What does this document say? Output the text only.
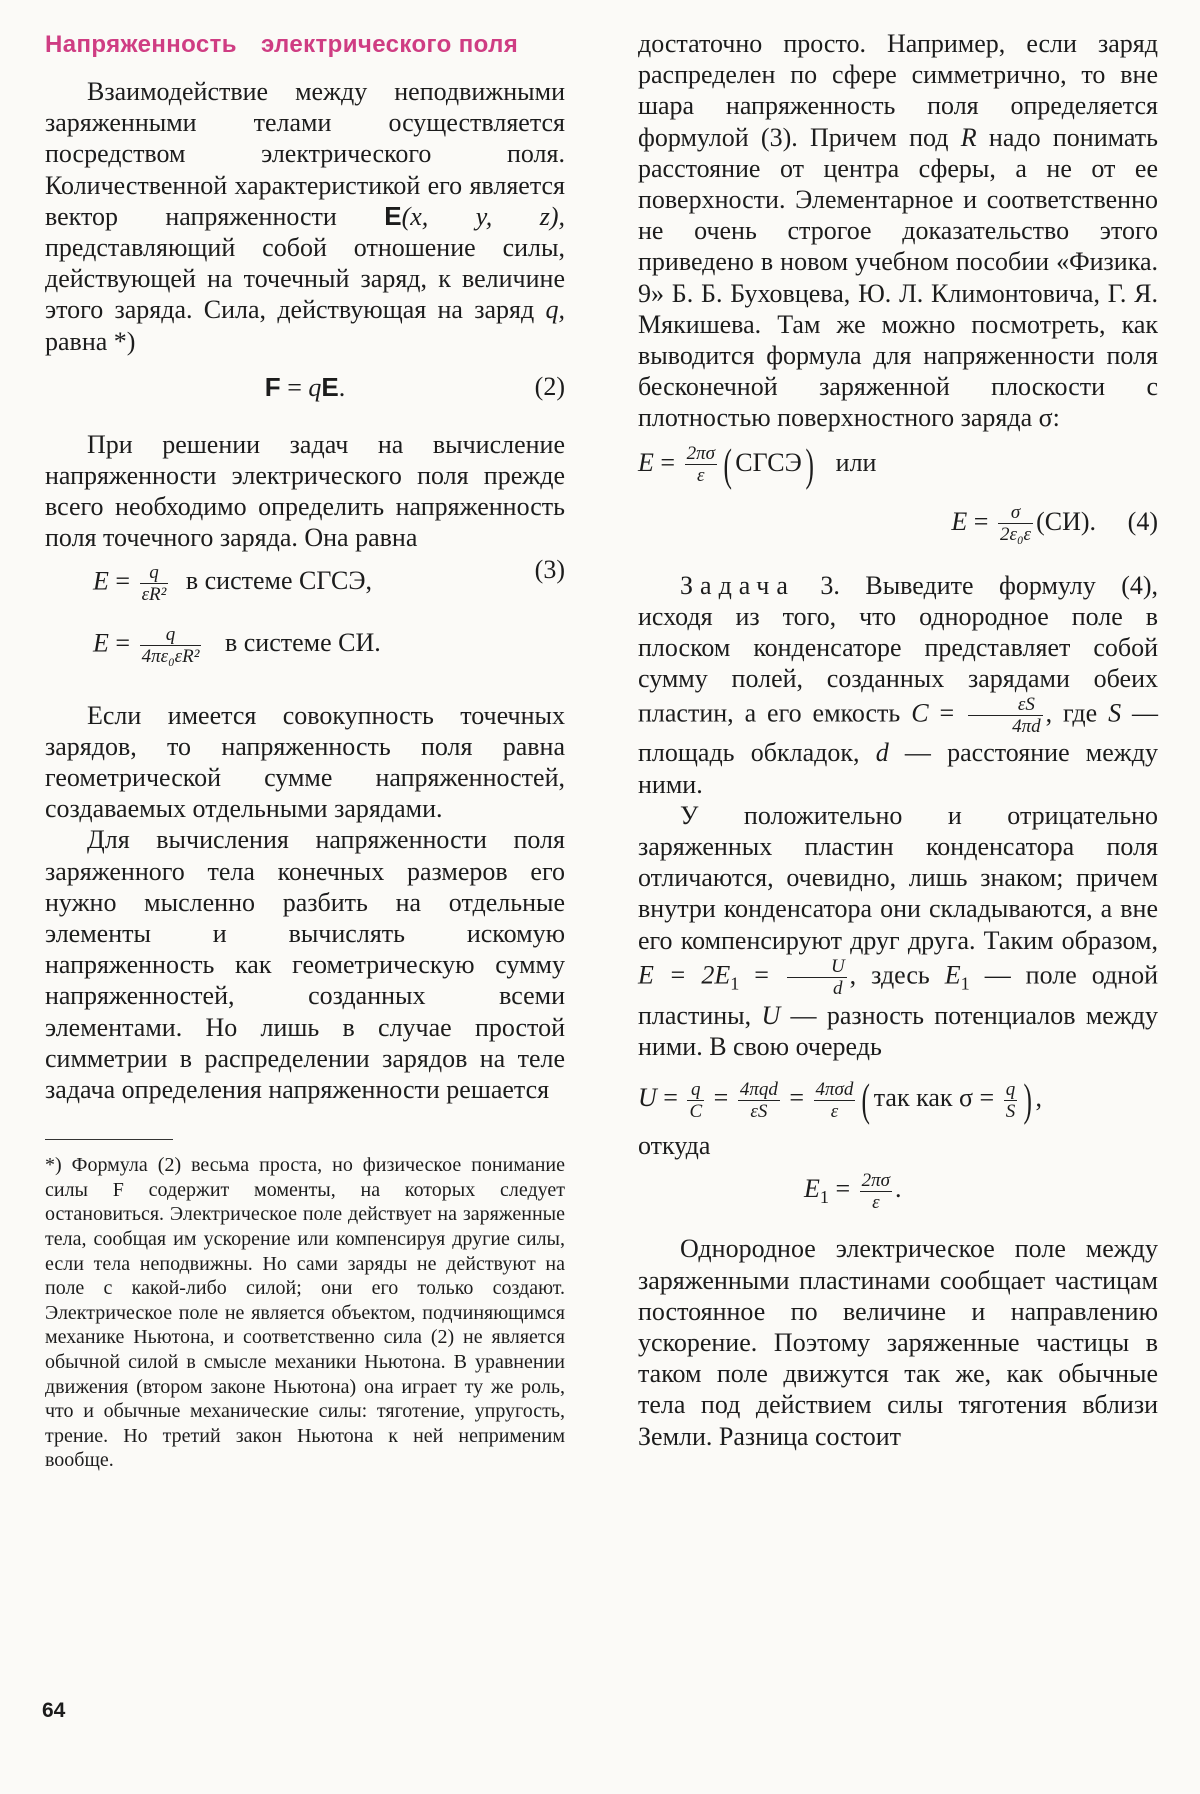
Напряженность электрического поля

Взаимодействие между неподвижными заряженными телами осуществляется посредством электрического поля. Количественной характеристикой его является вектор напряженности E(x, y, z), представляющий собой отношение силы, действующей на точечный заряд, к величине этого заряда. Сила, действующая на заряд q, равна *)

F = qE.	(2)

При решении задач на вычисление напряженности электрического поля прежде всего необходимо определить напряженность поля точечного заряда. Она равна

$E = \frac{q}{\text{εR²}}$ в системе СГСЭ,	(3)
$E = \frac{q}{\text{4πε₀εR²}}$ в системе СИ.

Если имеется совокупность точечных зарядов, то напряженность поля равна геометрической сумме напряженностей, создаваемых отдельными зарядами.

Для вычисления напряженности поля заряженного тела конечных размеров его нужно мысленно разбить на отдельные элементы и вычислять искомую напряженность как геометрическую сумму напряженностей, созданных всеми элементами. Но лишь в случае простой симметрии в распределении зарядов на теле задача определения напряженности решается

*) Формула (2) весьма проста, но физическое понимание силы F содержит моменты, на которых следует остановиться. Электрическое поле действует на заряженные тела, сообщая им ускорение или компенсируя другие силы, если тела неподвижны. Но сами заряды не действуют на поле с какой-либо силой; они его только создают. Электрическое поле не является объектом, подчиняющимся механике Ньютона, и соответственно сила (2) не является обычной силой в смысле механики Ньютона. В уравнении движения (втором законе Ньютона) она играет ту же роль, что и обычные механические силы: тяготение, упругость, трение. Но третий закон Ньютона к ней неприменим вообще.

достаточно просто. Например, если заряд распределен по сфере симметрично, то вне шара напряженность поля определяется формулой (3). Причем под R надо понимать расстояние от центра сферы, а не от ее поверхности. Элементарное и соответственно не очень строгое доказательство этого приведено в новом учебном пособии «Физика. 9» Б. Б. Буховцева, Ю. Л. Климонтовича, Г. Я. Мякишева. Там же можно посмотреть, как выводится формула для напряженности поля бесконечной заряженной плоскости с плотностью поверхностного заряда σ:

$E = \frac{2\pi\sigma}{\varepsilon}$ ( СГСЭ) или
$E = \frac{\sigma}{\text{2ε₀ε}} (СИ)$. (4)

Задача 3. Выведите формулу (4), исходя из того, что однородное поле в плоском конденсаторе представляет собой сумму полей, созданных зарядами обеих пластин, а его емкость $C = \frac{\varepsilon S}{4\pi d}$ , где S — площадь обкладок, d — расстояние между ними.

У положительно и отрицательно заряженных пластин конденсатора поля отличаются, очевидно, лишь знаком; причем внутри конденсатора они складываются, а вне его компенсируют друг друга. Таким образом, $E = 2E_1 = \frac{U}{d}$ , здесь $E_1$ — поле одной пластины, U — разность потенциалов между ними. В свою очередь

$U = \frac{q}{C} = \frac{\text{4πqd}}{\varepsilon S} = \frac{\text{4πσd}}{\varepsilon}$ ( так как $\sigma = \frac{q}{S}$ ) ,

откуда

$E_1 = \frac{2\pi\sigma}{\varepsilon}$ .

Однородное электрическое поле между заряженными пластинами сообщает частицам постоянное по величине и направлению ускорение. Поэтому заряженные частицы в таком поле движутся так же, как обычные тела под действием силы тяготения вблизи Земли. Разница состоит

64
